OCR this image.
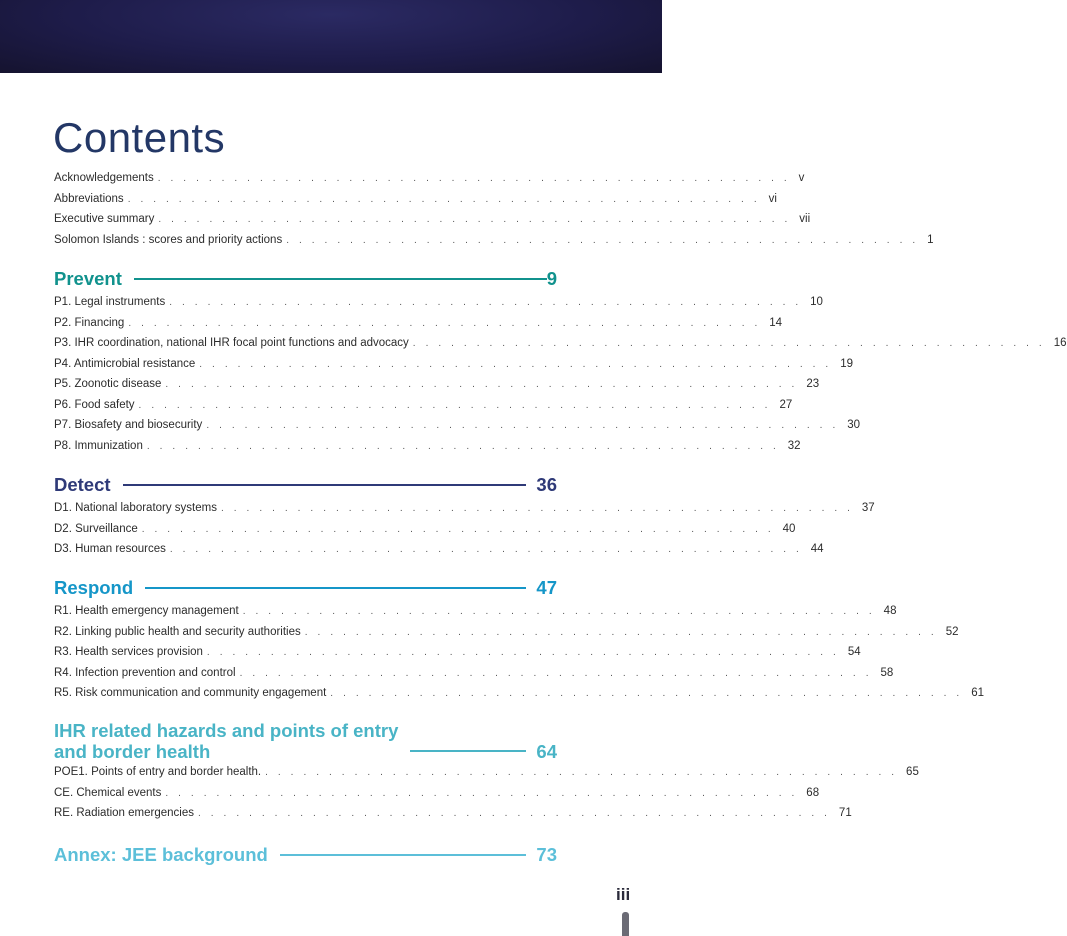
Contents
Acknowledgements .................................................. v
Abbreviations .................................................. vi
Executive summary .................................................. vii
Solomon Islands : scores and priority actions .................................................. 1
Prevent	9
P1. Legal instruments .................................................. 10
P2. Financing .................................................. 14
P3. IHR coordination, national IHR focal point functions and advocacy .................................................. 16
P4. Antimicrobial resistance .................................................. 19
P5. Zoonotic disease .................................................. 23
P6. Food safety .................................................. 27
P7. Biosafety and biosecurity .................................................. 30
P8. Immunization .................................................. 32
Detect	36
D1. National laboratory systems .................................................. 37
D2. Surveillance .................................................. 40
D3. Human resources .................................................. 44
Respond	47
R1. Health emergency management .................................................. 48
R2. Linking public health and security authorities .................................................. 52
R3. Health services provision .................................................. 54
R4. Infection prevention and control .................................................. 58
R5. Risk communication and community engagement .................................................. 61
IHR related hazards and points of entry
and border health	64
POE1. Points of entry and border health. .................................................. 65
CE. Chemical events .................................................. 68
RE. Radiation emergencies .................................................. 71
Annex: JEE background	73
iii
